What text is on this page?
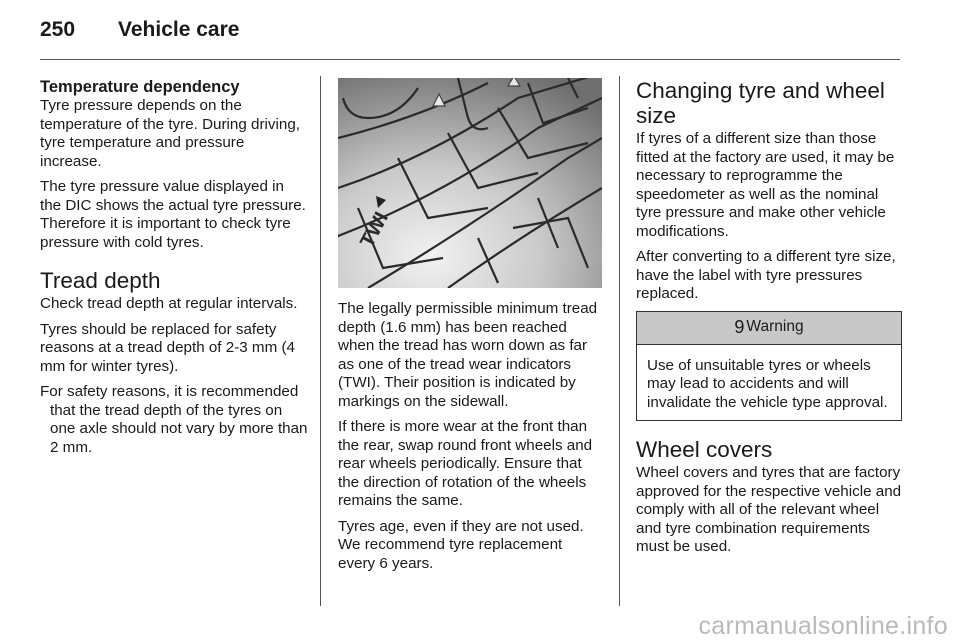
250 Vehicle care
Temperature dependency

Tyre pressure depends on the temperature of the tyre. During driving, tyre temperature and pressure increase.

The tyre pressure value displayed in the DIC shows the actual tyre pressure. Therefore it is important to check tyre pressure with cold tyres.

Tread depth

Check tread depth at regular intervals.

Tyres should be replaced for safety reasons at a tread depth of 2-3 mm (4 mm for winter tyres).

For safety reasons, it is recommended that the tread depth of the tyres on one axle should not vary by more than 2 mm.

TWI

The legally permissible minimum tread depth (1.6 mm) has been reached when the tread has worn down as far as one of the tread wear indicators (TWI). Their position is indicated by markings on the sidewall.

If there is more wear at the front than the rear, swap round front wheels and rear wheels periodically. Ensure that the direction of rotation of the wheels remains the same.

Tyres age, even if they are not used. We recommend tyre replacement every 6 years.

Changing tyre and wheel size

If tyres of a different size than those fitted at the factory are used, it may be necessary to reprogramme the speedometer as well as the nominal tyre pressure and make other vehicle modifications.

After converting to a different tyre size, have the label with tyre pressures replaced.

9 Warning
Use of unsuitable tyres or wheels may lead to accidents and will invalidate the vehicle type approval.
Wheel covers

Wheel covers and tyres that are factory approved for the respective vehicle and comply with all of the relevant wheel and tyre combination requirements must be used.

carmanualsonline.info
